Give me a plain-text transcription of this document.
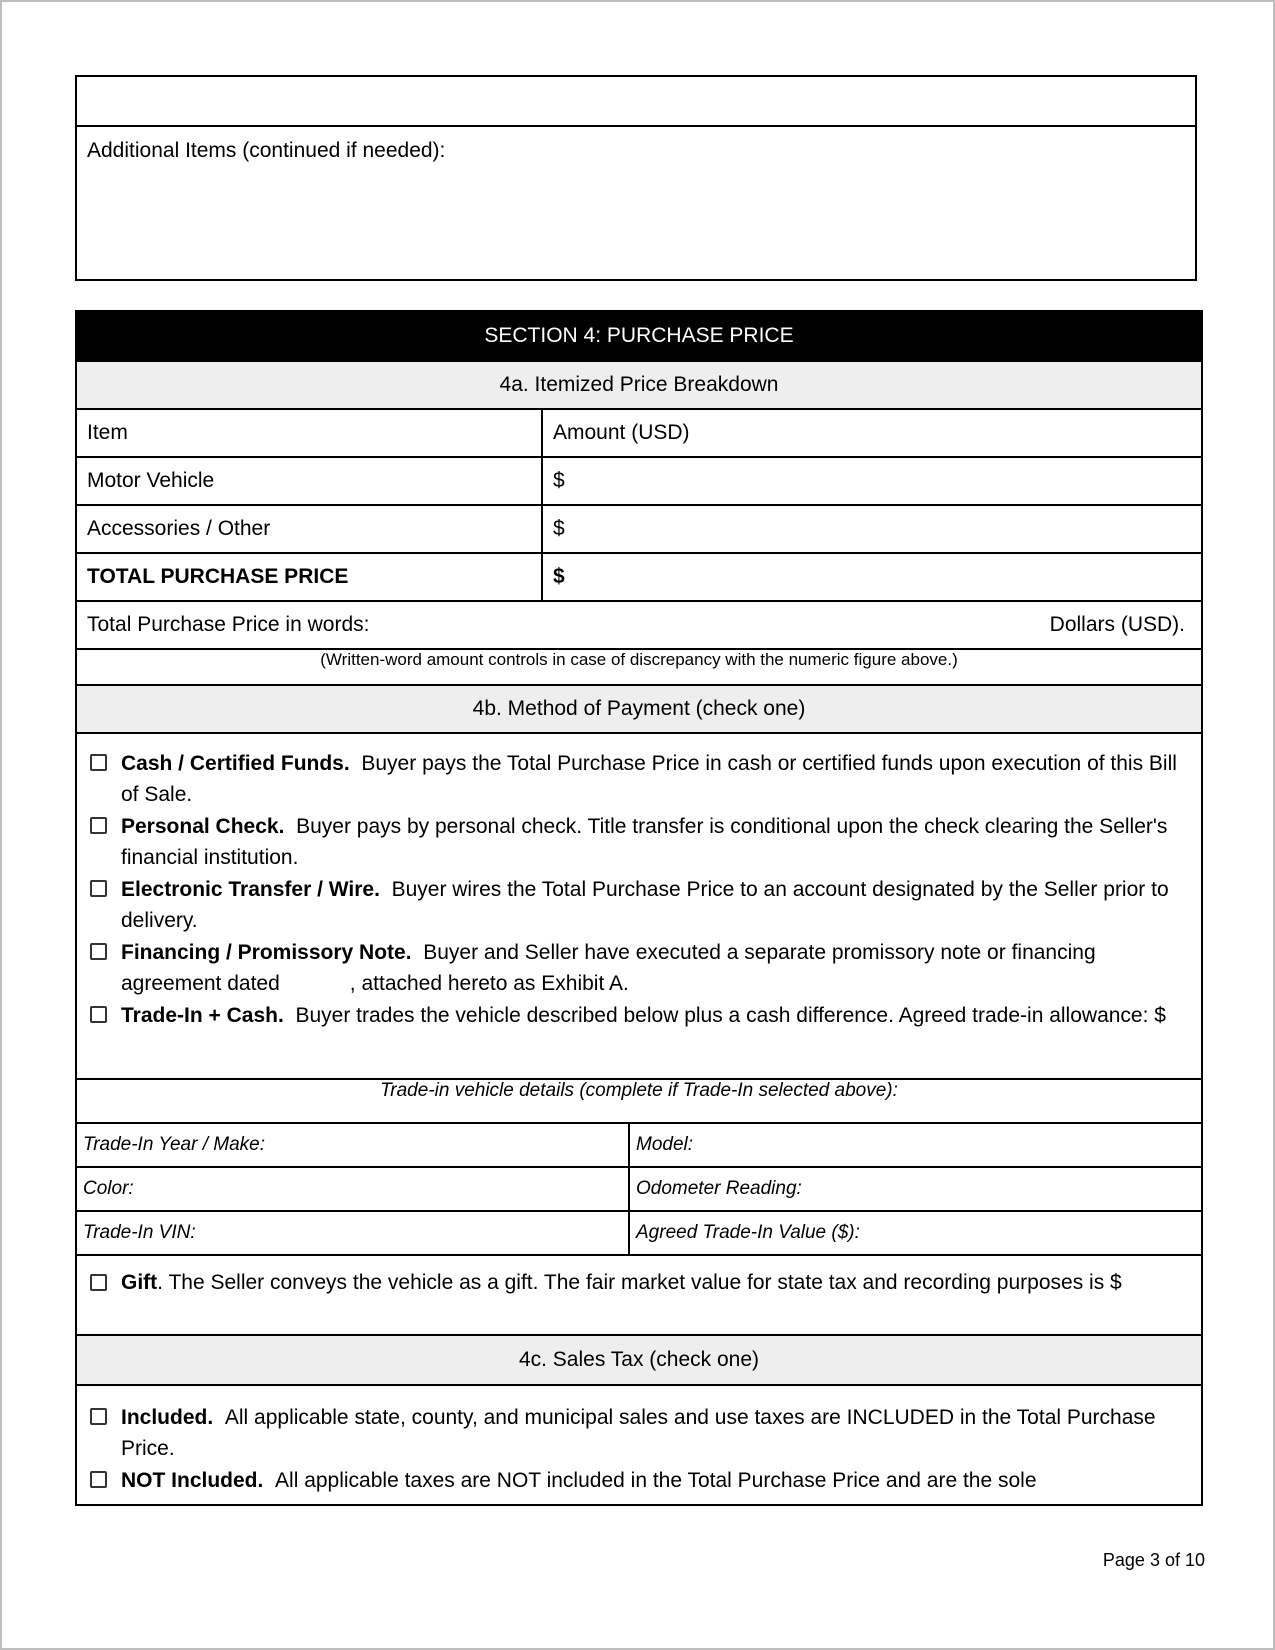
Additional Items (continued if needed):
SECTION 4: PURCHASE PRICE
4a. Itemized Price Breakdown
Item	Amount (USD)
Motor Vehicle	$
Accessories / Other	$
TOTAL PURCHASE PRICE	$
Total Purchase Price in words:	Dollars (USD).
(Written-word amount controls in case of discrepancy with the numeric figure above.)
4b. Method of Payment (check one)
Cash / Certified Funds. Buyer pays the Total Purchase Price in cash or certified funds upon execution of this Bill of Sale.
Personal Check. Buyer pays by personal check. Title transfer is conditional upon the check clearing the Seller's financial institution.
Electronic Transfer / Wire. Buyer wires the Total Purchase Price to an account designated by the Seller prior to delivery.
Financing / Promissory Note. Buyer and Seller have executed a separate promissory note or financing agreement dated            , attached hereto as Exhibit A.
Trade-In + Cash. Buyer trades the vehicle described below plus a cash difference. Agreed trade-in allowance: $
Trade-in vehicle details (complete if Trade-In selected above):
Trade-In Year / Make:	Model:
Color:	Odometer Reading:
Trade-In VIN:	Agreed Trade-In Value ($):
Gift. The Seller conveys the vehicle as a gift. The fair market value for state tax and recording purposes is $
4c. Sales Tax (check one)
Included. All applicable state, county, and municipal sales and use taxes are INCLUDED in the Total Purchase Price.
NOT Included. All applicable taxes are NOT included in the Total Purchase Price and are the sole
Page 3 of 10
